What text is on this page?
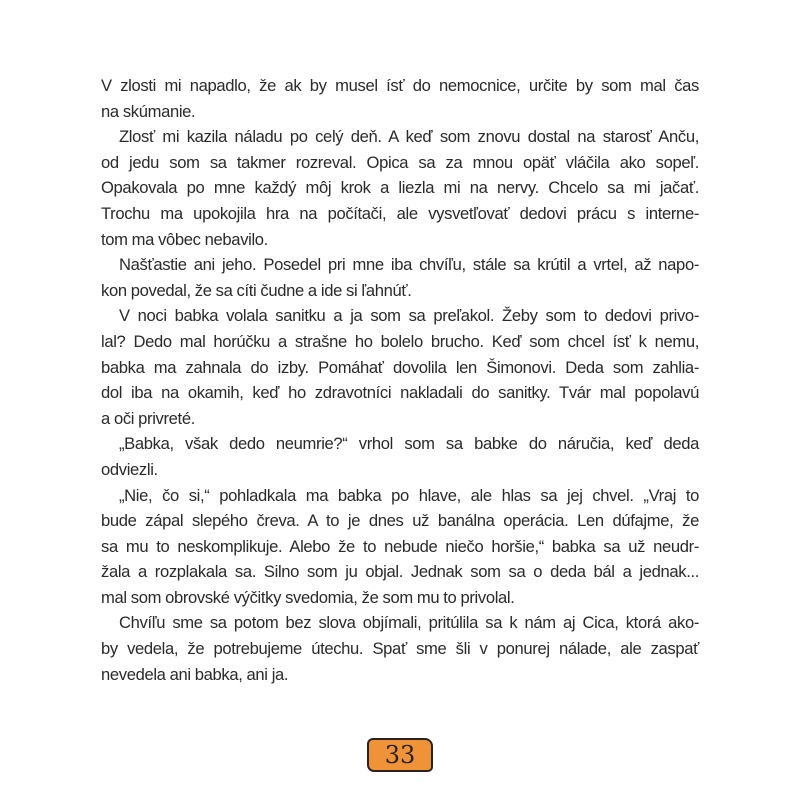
V zlosti mi napadlo, že ak by musel ísť do nemocnice, určite by som mal čas
na skúmanie.
Zlosť mi kazila náladu po celý deň. A keď som znovu dostal na starosť Anču,
od jedu som sa takmer rozreval. Opica sa za mnou opäť vláčila ako sopeľ.
Opakovala po mne každý môj krok a liezla mi na nervy. Chcelo sa mi jačať.
Trochu ma upokojila hra na počítači, ale vysvetľovať dedovi prácu s interne-
tom ma vôbec nebavilo.
Našťastie ani jeho. Posedel pri mne iba chvíľu, stále sa krútil a vrtel, až napo-
kon povedal, že sa cíti čudne a ide si ľahnúť.
V noci babka volala sanitku a ja som sa preľakol. Žeby som to dedovi privo-
lal? Dedo mal horúčku a strašne ho bolelo brucho. Keď som chcel ísť k nemu,
babka ma zahnala do izby. Pomáhať dovolila len Šimonovi. Deda som zahlia-
dol iba na okamih, keď ho zdravotníci nakladali do sanitky. Tvár mal popolavú
a oči privreté.
„Babka, však dedo neumrie?“ vrhol som sa babke do náručia, keď deda
odviezli.
„Nie, čo si,“ pohladkala ma babka po hlave, ale hlas sa jej chvel. „Vraj to
bude zápal slepého čreva. A to je dnes už banálna operácia. Len dúfajme, že
sa mu to neskomplikuje. Alebo že to nebude niečo horšie,“ babka sa už neudr-
žala a rozplakala sa. Silno som ju objal. Jednak som sa o deda bál a jednak...
mal som obrovské výčitky svedomia, že som mu to privolal.
Chvíľu sme sa potom bez slova objímali, pritúlila sa k nám aj Cica, ktorá ako-
by vedela, že potrebujeme útechu. Spať sme šli v ponurej nálade, ale zaspať
nevedela ani babka, ani ja.
33
